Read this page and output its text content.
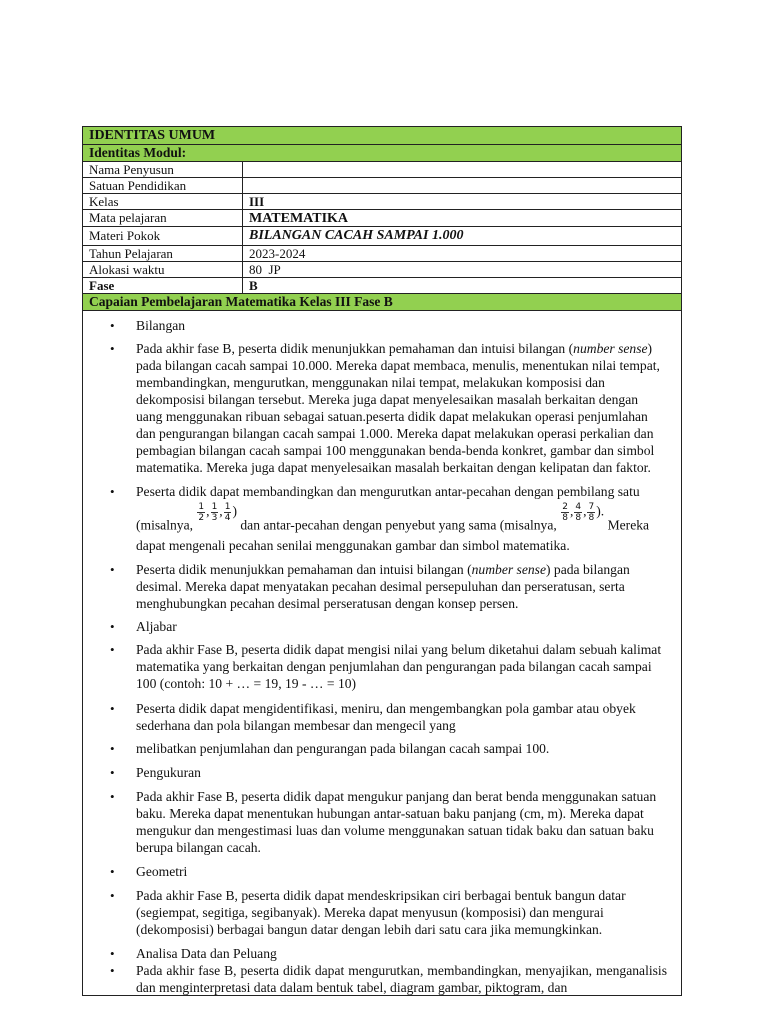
IDENTITAS UMUM
Identitas Modul:
Nama Penyusun
Satuan Pendidikan
Kelas	III
Mata pelajaran	MATEMATIKA
Materi Pokok	BILANGAN CACAH SAMPAI 1.000
Tahun Pelajaran	2023-2024
Alokasi waktu	80  JP
Fase	B
Capaian Pembelajaran Matematika Kelas III Fase B
• Bilangan
• Pada akhir fase B, peserta didik menunjukkan pemahaman dan intuisi bilangan (number sense) pada bilangan cacah sampai 10.000. Mereka dapat membaca, menulis, menentukan nilai tempat, membandingkan, mengurutkan, menggunakan nilai tempat, melakukan komposisi dan dekomposisi bilangan tersebut. Mereka juga dapat menyelesaikan masalah berkaitan dengan uang menggunakan ribuan sebagai satuan.peserta didik dapat melakukan operasi penjumlahan dan pengurangan bilangan cacah sampai 1.000. Mereka dapat melakukan operasi perkalian dan pembagian bilangan cacah sampai 100 menggunakan benda-benda konkret, gambar dan simbol matematika. Mereka juga dapat menyelesaikan masalah berkaitan dengan kelipatan dan faktor.
• Peserta didik dapat membandingkan dan mengurutkan antar-pecahan dengan pembilang satu
(misalnya,
$\frac{1}{2}$ , $\frac{1}{3}$ , $\frac{1}{4}$ ) dan antar-pecahan dengan penyebut yang sama (misalnya,
$\frac{2}{8}$ , $\frac{4}{8}$ , $\frac{7}{8}$ ). Mereka dapat mengenali pecahan senilai menggunakan gambar dan simbol matematika.
• Peserta didik menunjukkan pemahaman dan intuisi bilangan (number sense) pada bilangan desimal. Mereka dapat menyatakan pecahan desimal persepuluhan dan perseratusan, serta menghubungkan pecahan desimal perseratusan dengan konsep persen.
• Aljabar
• Pada akhir Fase B, peserta didik dapat mengisi nilai yang belum diketahui dalam sebuah kalimat matematika yang berkaitan dengan penjumlahan dan pengurangan pada bilangan cacah sampai 100 (contoh: 10 + … = 19, 19 - … = 10)
• Peserta didik dapat mengidentifikasi, meniru, dan mengembangkan pola gambar atau obyek sederhana dan pola bilangan membesar dan mengecil yang
• melibatkan penjumlahan dan pengurangan pada bilangan cacah sampai 100.
• Pengukuran
• Pada akhir Fase B, peserta didik dapat mengukur panjang dan berat benda menggunakan satuan baku. Mereka dapat menentukan hubungan antar-satuan baku panjang (cm, m). Mereka dapat mengukur dan mengestimasi luas dan volume menggunakan satuan tidak baku dan satuan baku berupa bilangan cacah.
• Geometri
• Pada akhir Fase B, peserta didik dapat mendeskripsikan ciri berbagai bentuk bangun datar (segiempat, segitiga, segibanyak). Mereka dapat menyusun (komposisi) dan mengurai (dekomposisi) berbagai bangun datar dengan lebih dari satu cara jika memungkinkan.
• Analisa Data dan Peluang
• Pada akhir fase B, peserta didik dapat mengurutkan, membandingkan, menyajikan, menganalisis dan menginterpretasi data dalam bentuk tabel, diagram gambar, piktogram, dan
